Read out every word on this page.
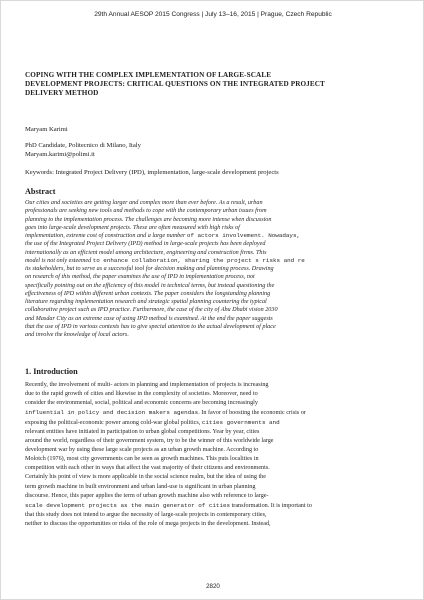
29th Annual AESOP 2015 Congress | July 13–16, 2015 | Prague, Czech Republic

COPING WITH THE COMPLEX IMPLEMENTATION OF LARGE-SCALE
DEVELOPMENT PROJECTS: CRITICAL QUESTIONS ON THE INTEGRATED PROJECT
DELIVERY METHOD

Maryam Karimi
PhD Candidate, Politecnico di Milano, Italy
Maryam.karimi@polimi.it
Keywords: Integrated Project Delivery (IPD), implementation, large-scale development projects
Abstract
Our cities and societies are getting larger and complex more than ever before. As a result, urban
professionals are seeking new tools and methods to cope with the contemporary urban issues from
planning to the implementation process. The challenges are becoming more intense when discussion
goes into large-scale development projects. These are often measured with high risks of
implementation, extreme cost of construction and a large number of actors involvement. Nowadays,
the use of the Integrated Project Delivery (IPD) method in large-scale projects has been deployed
internationally as an efficient model among architecture, engineering and construction firms. This
model is not only esteemed to enhance collaboration, sharing the project s risks and re
its stakeholders, but to serve as a successful tool for decision making and planning process. Drawing
on research of this method, the paper examines the use of IPD in implementation process, not
specifically pointing out on the efficiency of this model in technical terms, but instead questioning the
effectiveness of IPD within different urban contexts. The paper considers the longstanding planning
literature regarding implementation research and strategic spatial planning countering the typical
collaborative project such as IPD practice. Furthermore, the case of the city of Abu Dhabi vision 2030
and Masdar City as an extreme case of using IPD method is examined. At the end the paper suggests
that the use of IPD in various contexts has to give special attention to the actual development of place
and involve the knowledge of local actors.
1. Introduction
Recently, the involvement of multi- actors in planning and implementation of projects is increasing
due to the rapid growth of cities and likewise in the complexity of societies. Moreover, need to
consider the environmental, social, political and economic concerns are becoming increasingly
influential in policy and decision makers agendas. In favor of boosting the economic crisis or
exposing the political-economic power among cold-war global politics, cities governments and
relevant entities have initiated in participation to urban global competitions. Year by year, cities
around the world, regardless of their government system, try to be the winner of this worldwide large
development war by using these large scale projects as an urban growth machine. According to
Molotch (1976), most city governments can be seen as growth machines. This puts localities in
competition with each other in ways that affect the vast majority of their citizens and environments.
Certainly his point of view is more applicable in the social science realm, but the idea of using the
term growth machine in built environment and urban land-use is significant in urban planning
discourse. Hence, this paper applies the term of urban growth machine also with reference to large-
scale development projects as the main generator of cities transformation. It is important to
that this study does not intend to argue the necessity of large-scale projects in contemporary cities,
neither to discuss the opportunities or risks of the role of mega projects in the development. Instead,
2820
